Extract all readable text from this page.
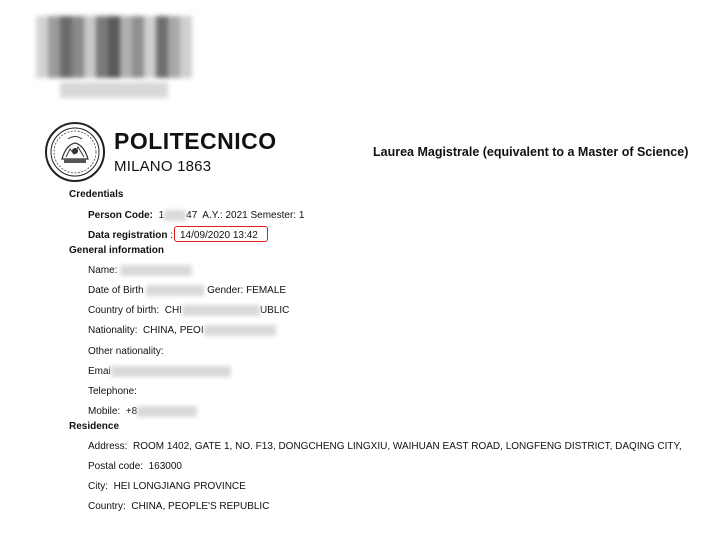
POLITECNICO
MILANO 1863
Laurea Magistrale (equivalent to a Master of Science)
Credentials
Person Code: 1 47 A.Y.: 2021 Semester: 1
Data registration : 14/09/2020 13:42
General information
Name:
Date of Birth	Gender: FEMALE
Country of birth: CHI	UBLIC
Nationality: CHINA, PEOI
Other nationality:
Emai
Telephone:
Mobile: +8
Residence
Address: ROOM 1402, GATE 1, NO. F13, DONGCHENG LINGXIU, WAIHUAN EAST ROAD, LONGFENG DISTRICT, DAQING CITY,
Postal code: 163000
City: HEI LONGJIANG PROVINCE
Country: CHINA, PEOPLE'S REPUBLIC
